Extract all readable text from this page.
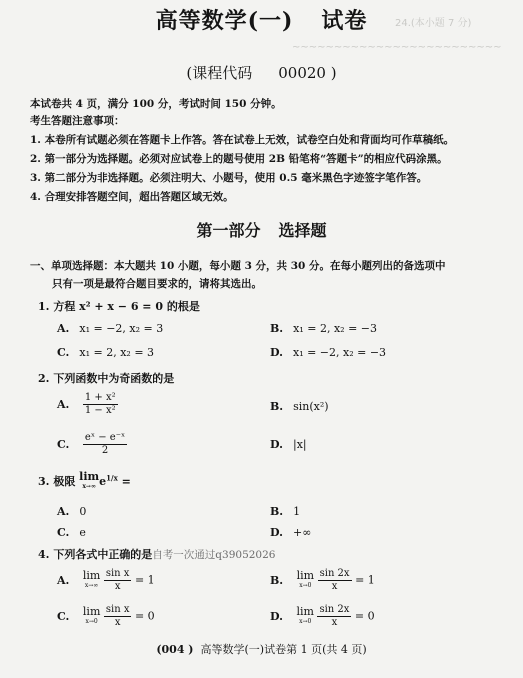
24.(本小题 7 分)
~~~~~~~~~~~~~~~~~~~~~~~~~
高等数学(一) 试卷
(课程代码 00020 )
本试卷共 4 页，满分 100 分，考试时间 150 分钟。
考生答题注意事项：
1. 本卷所有试题必须在答题卡上作答。答在试卷上无效，试卷空白处和背面均可作草稿纸。
2. 第一部分为选择题。必须对应试卷上的题号使用 2B 铅笔将“答题卡”的相应代码涂黑。
3. 第二部分为非选择题。必须注明大、小题号，使用 0.5 毫米黑色字迹签字笔作答。
4. 合理安排答题空间，超出答题区域无效。
第一部分 选择题
一、单项选择题：本大题共 10 小题，每小题 3 分，共 30 分。在每小题列出的备选项中
只有一项是最符合题目要求的，请将其选出。
1. 方程 x² + x − 6 = 0 的根是
A. x₁ = −2, x₂ = 3	B. x₁ = 2, x₂ = −3
C. x₁ = 2, x₂ = 3	D. x₁ = −2, x₂ = −3
2. 下列函数中为奇函数的是
A. $\frac{\text{1 + x²}}{\text{1 − x²}}$	B. sin(x²)
C. $\frac{\text{eˣ − e⁻ˣ}}{2}$	D. |x|
3. 极限 lim
x→∞ $e^{1/x}$ =
A. 0	B. 1
C. e	D. +∞
4. 下列各式中正确的是自考一次通过q39052026
A. lim
x→∞
$\frac{\text{sin x}}{x} = 1$	B. lim
x→0
$\frac{\sin 2x}{x} = 1$
C. lim
x→0
$\frac{\text{sin x}}{x} = 0$	D. lim
x→0
$\frac{\sin 2x}{x} = 0$
(004 ) 高等数学(一)试卷第 1 页(共 4 页)
